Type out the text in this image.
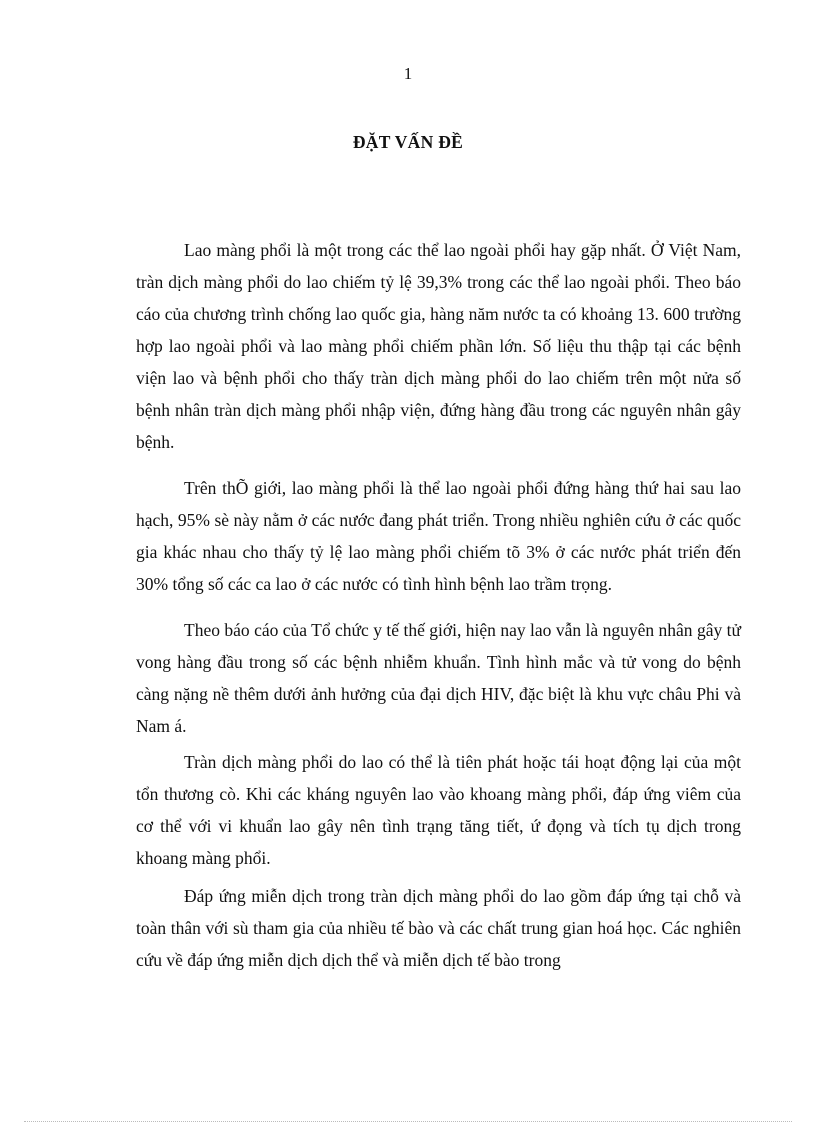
1
ĐẶT VẤN ĐỀ

Lao màng phổi là một trong các thể lao ngoài phổi hay gặp nhất. Ở Việt Nam, tràn dịch màng phổi do lao chiếm tỷ lệ 39,3% trong các thể lao ngoài phổi. Theo báo cáo của chương trình chống lao quốc gia, hàng năm nước ta có khoảng 13. 600 trường hợp lao ngoài phổi và lao màng phổi chiếm phần lớn. Số liệu thu thập tại các bệnh viện lao và bệnh phổi cho thấy tràn dịch màng phổi do lao chiếm trên một nửa số bệnh nhân tràn dịch màng phổi nhập viện, đứng hàng đầu trong các nguyên nhân gây bệnh.

Trên thÕ giới, lao màng phổi là thể lao ngoài phổi đứng hàng thứ hai sau lao hạch, 95% sè này nằm ở các nước đang phát triển. Trong nhiều nghiên cứu ở các quốc gia khác nhau cho thấy tỷ lệ lao màng phổi chiếm tõ 3% ở các nước phát triển đến 30% tổng số các ca lao ở các nước có tình hình bệnh lao trầm trọng.

Theo báo cáo của Tổ chức y tế thế giới, hiện nay lao vẫn là nguyên nhân gây tử vong hàng đầu trong số các bệnh nhiễm khuẩn. Tình hình mắc và tử vong do bệnh càng nặng nề thêm dưới ảnh hưởng của đại dịch HIV, đặc biệt là khu vực châu Phi và Nam á.

Tràn dịch màng phổi do lao có thể là tiên phát hoặc tái hoạt động lại của một tổn thương cò. Khi các kháng nguyên lao vào khoang màng phổi, đáp ứng viêm của cơ thể với vi khuẩn lao gây nên tình trạng tăng tiết, ứ đọng và tích tụ dịch trong khoang màng phổi.

Đáp ứng miễn dịch trong tràn dịch màng phổi do lao gồm đáp ứng tại chỗ và toàn thân với sù tham gia của nhiều tế bào và các chất trung gian hoá học. Các nghiên cứu về đáp ứng miễn dịch dịch thể và miễn dịch tế bào trong
